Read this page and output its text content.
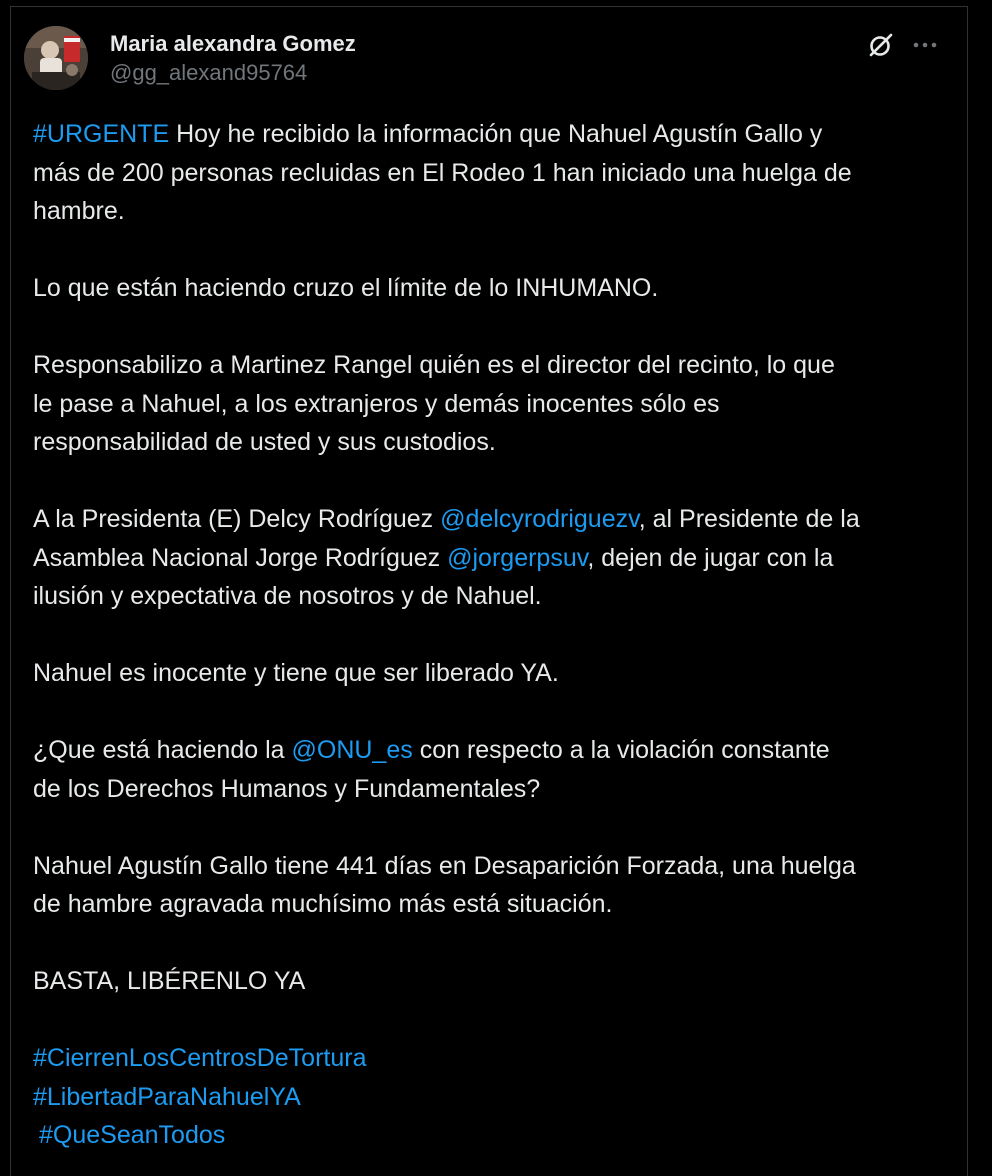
Maria alexandra Gomez
@gg_alexand95764

#URGENTE Hoy he recibido la información que Nahuel Agustín Gallo y

más de 200 personas recluidas en El Rodeo 1 han iniciado una huelga de

hambre.

Lo que están haciendo cruzo el límite de lo INHUMANO.

Responsabilizo a Martinez Rangel quién es el director del recinto, lo que

le pase a Nahuel, a los extranjeros y demás inocentes sólo es

responsabilidad de usted y sus custodios.

A la Presidenta (E) Delcy Rodríguez @delcyrodriguezv, al Presidente de la

Asamblea Nacional Jorge Rodríguez @jorgerpsuv, dejen de jugar con la

ilusión y expectativa de nosotros y de Nahuel.

Nahuel es inocente y tiene que ser liberado YA.

¿Que está haciendo la @ONU_es con respecto a la violación constante

de los Derechos Humanos y Fundamentales?

Nahuel Agustín Gallo tiene 441 días en Desaparición Forzada, una huelga

de hambre agravada muchísimo más está situación.

BASTA, LIBÉRENLO YA

#CierrenLosCentrosDeTortura

#LibertadParaNahuelYA

#QueSeanTodos
